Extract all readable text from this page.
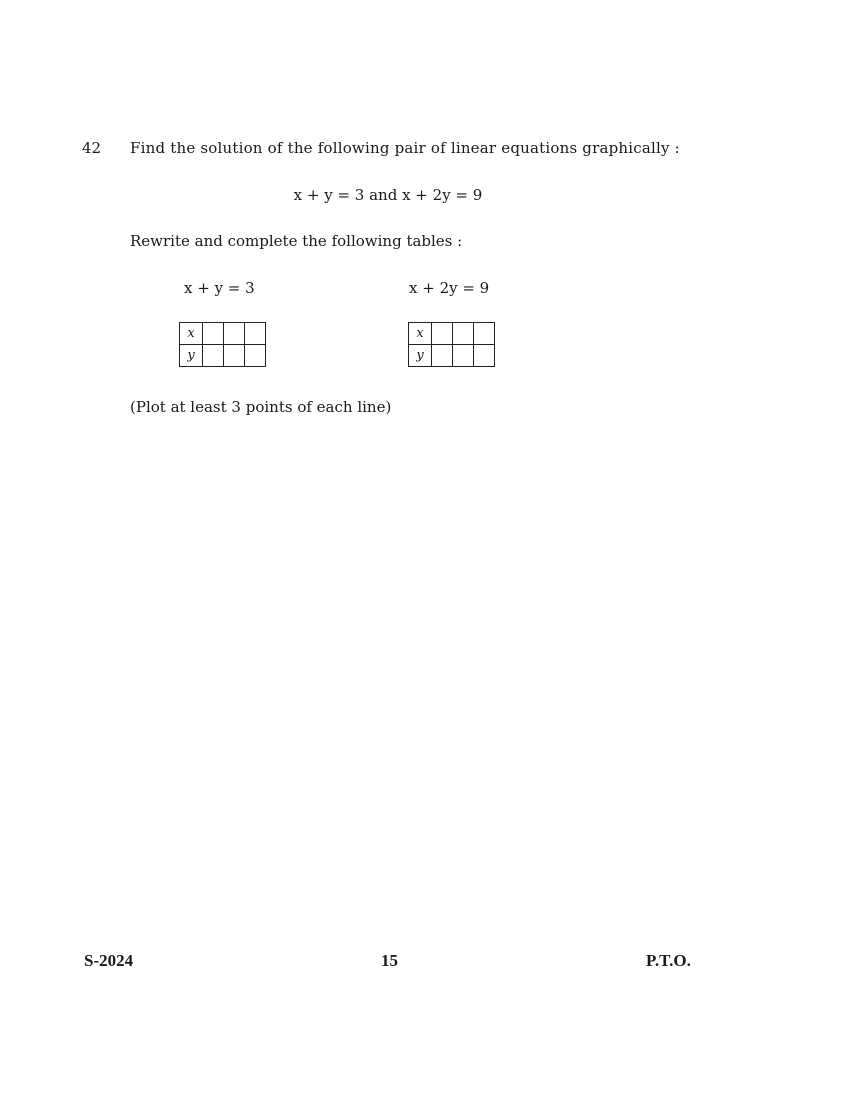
42 Find the solution of the following pair of linear equations graphically :
x + y = 3 and x + 2y = 9
Rewrite and complete the following tables :
x + y = 3	x + 2y = 9
x			
y			
x			
y			
(Plot at least 3 points of each line)
S-2024	15	P.T.O.
